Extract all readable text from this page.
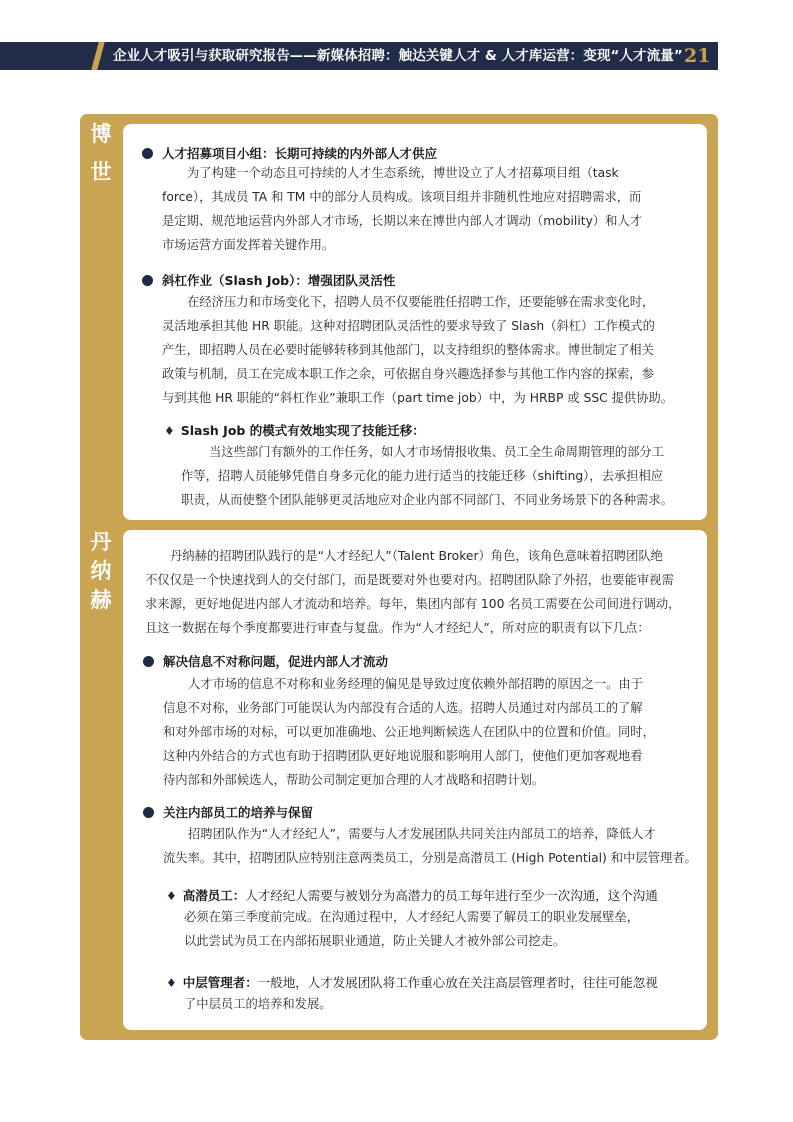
企业人才吸引与获取研究报告——新媒体招聘：触达关键人才 & 人才库运营：变现“人才流量” 21
博
世
丹
纳
赫
人才招募项目小组：长期可持续的内外部人才供应
为了构建一个动态且可持续的人才生态系统，博世设立了人才招募项目组（task
force），其成员 TA 和 TM 中的部分人员构成。该项目组并非随机性地应对招聘需求，而
是定期、规范地运营内外部人才市场，长期以来在博世内部人才调动（mobility）和人才
市场运营方面发挥着关键作用。
斜杠作业（Slash Job）：增强团队灵活性
在经济压力和市场变化下，招聘人员不仅要能胜任招聘工作，还要能够在需求变化时，
灵活地承担其他 HR 职能。这种对招聘团队灵活性的要求导致了 Slash（斜杠）工作模式的
产生，即招聘人员在必要时能够转移到其他部门，以支持组织的整体需求。博世制定了相关
政策与机制，员工在完成本职工作之余，可依据自身兴趣选择参与其他工作内容的探索，参
与到其他 HR 职能的“斜杠作业”兼职工作（part time job）中，为 HRBP 或 SSC 提供协助。
♦ Slash Job 的模式有效地实现了技能迁移：
当这些部门有额外的工作任务，如人才市场情报收集、员工全生命周期管理的部分工
作等，招聘人员能够凭借自身多元化的能力进行适当的技能迁移（shifting），去承担相应
职责，从而使整个团队能够更灵活地应对企业内部不同部门、不同业务场景下的各种需求。
丹纳赫的招聘团队践行的是“人才经纪人”（Talent Broker）角色，该角色意味着招聘团队绝
不仅仅是一个快速找到人的交付部门，而是既要对外也要对内。招聘团队除了外招，也要能审视需
求来源，更好地促进内部人才流动和培养。每年，集团内部有 100 名员工需要在公司间进行调动，
且这一数据在每个季度都要进行审查与复盘。作为“人才经纪人”，所对应的职责有以下几点：
解决信息不对称问题，促进内部人才流动
人才市场的信息不对称和业务经理的偏见是导致过度依赖外部招聘的原因之一。由于
信息不对称，业务部门可能误认为内部没有合适的人选。招聘人员通过对内部员工的了解
和对外部市场的对标，可以更加准确地、公正地判断候选人在团队中的位置和价值。同时，
这种内外结合的方式也有助于招聘团队更好地说服和影响用人部门，使他们更加客观地看
待内部和外部候选人，帮助公司制定更加合理的人才战略和招聘计划。
关注内部员工的培养与保留
招聘团队作为“人才经纪人”，需要与人才发展团队共同关注内部员工的培养，降低人才
流失率。其中，招聘团队应特别注意两类员工，分别是高潜员工 (High Potential) 和中层管理者。
♦ 高潜员工：人才经纪人需要与被划分为高潜力的员工每年进行至少一次沟通，这个沟通
必须在第三季度前完成。在沟通过程中，人才经纪人需要了解员工的职业发展壁垒，
以此尝试为员工在内部拓展职业通道，防止关键人才被外部公司挖走。
♦ 中层管理者：一般地，人才发展团队将工作重心放在关注高层管理者时，往往可能忽视
了中层员工的培养和发展。
